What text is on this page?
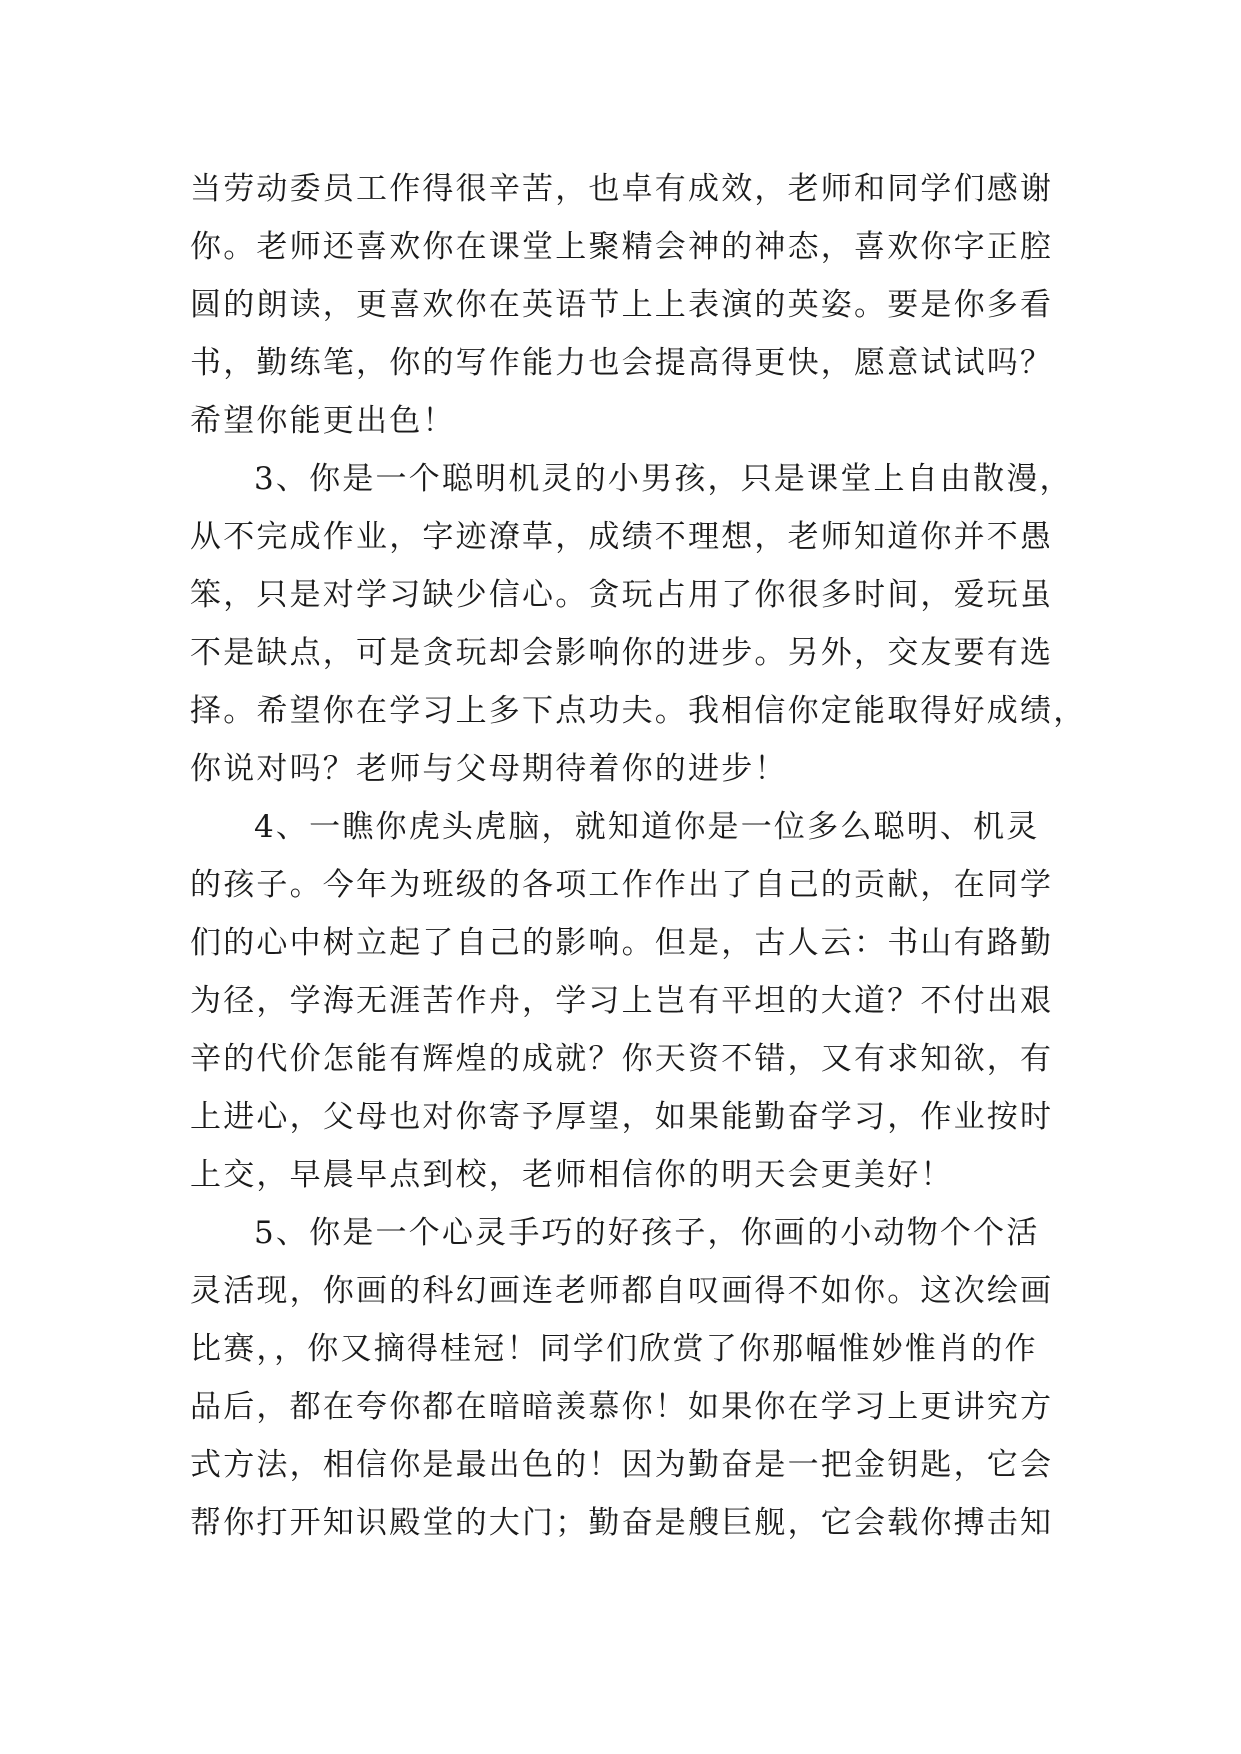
当劳动委员工作得很辛苦，也卓有成效，老师和同学们感谢
你。老师还喜欢你在课堂上聚精会神的神态，喜欢你字正腔
圆的朗读，更喜欢你在英语节上上表演的英姿。要是你多看
书，勤练笔，你的写作能力也会提高得更快，愿意试试吗？
希望你能更出色！
3、你是一个聪明机灵的小男孩，只是课堂上自由散漫，
从不完成作业，字迹潦草，成绩不理想，老师知道你并不愚
笨，只是对学习缺少信心。贪玩占用了你很多时间，爱玩虽
不是缺点，可是贪玩却会影响你的进步。另外，交友要有选
择。希望你在学习上多下点功夫。我相信你定能取得好成绩，
你说对吗？老师与父母期待着你的进步！
4、一瞧你虎头虎脑，就知道你是一位多么聪明、机灵
的孩子。今年为班级的各项工作作出了自己的贡献，在同学
们的心中树立起了自己的影响。但是，古人云：书山有路勤
为径，学海无涯苦作舟，学习上岂有平坦的大道？不付出艰
辛的代价怎能有辉煌的成就？你天资不错，又有求知欲，有
上进心，父母也对你寄予厚望，如果能勤奋学习，作业按时
上交，早晨早点到校，老师相信你的明天会更美好！
5、你是一个心灵手巧的好孩子，你画的小动物个个活
灵活现，你画的科幻画连老师都自叹画得不如你。这次绘画
比赛，，你又摘得桂冠！同学们欣赏了你那幅惟妙惟肖的作
品后，都在夸你都在暗暗羡慕你！如果你在学习上更讲究方
式方法，相信你是最出色的！因为勤奋是一把金钥匙，它会
帮你打开知识殿堂的大门；勤奋是艘巨舰，它会载你搏击知
